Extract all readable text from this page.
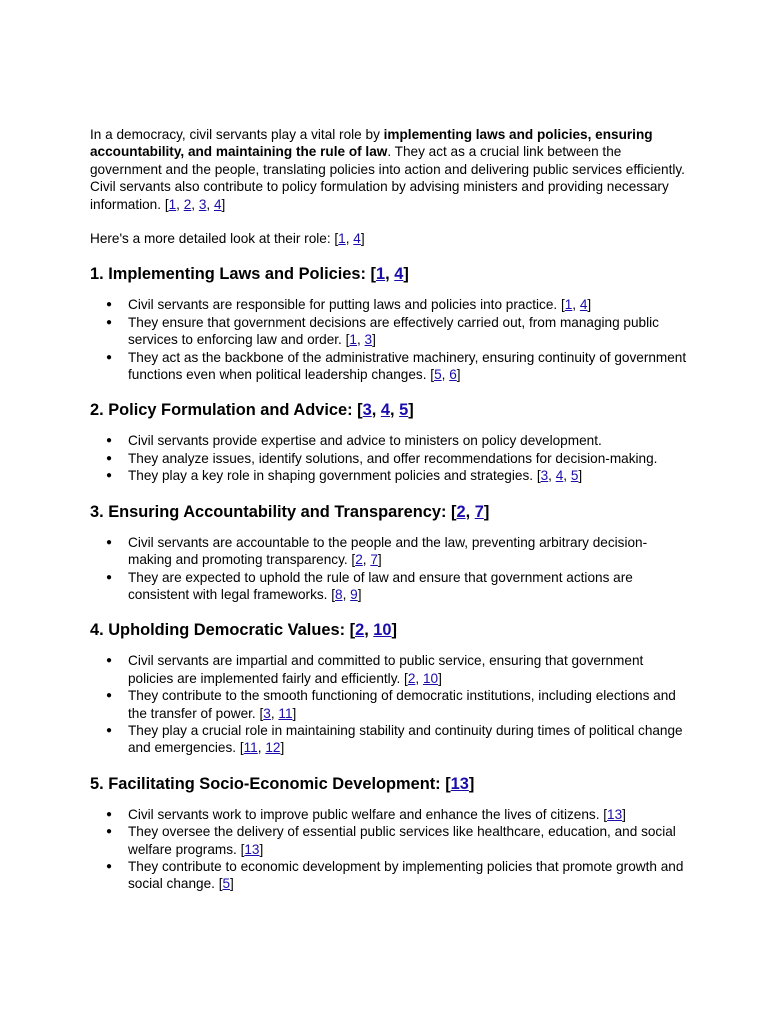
In a democracy, civil servants play a vital role by implementing laws and policies, ensuring accountability, and maintaining the rule of law. They act as a crucial link between the government and the people, translating policies into action and delivering public services efficiently. Civil servants also contribute to policy formulation by advising ministers and providing necessary information. [1, 2, 3, 4]

Here's a more detailed look at their role: [1, 4]

1. Implementing Laws and Policies: [1, 4]
● Civil servants are responsible for putting laws and policies into practice. [1, 4]
● They ensure that government decisions are effectively carried out, from managing public services to enforcing law and order. [1, 3]
● They act as the backbone of the administrative machinery, ensuring continuity of government functions even when political leadership changes. [5, 6]
2. Policy Formulation and Advice: [3, 4, 5]
● Civil servants provide expertise and advice to ministers on policy development.
● They analyze issues, identify solutions, and offer recommendations for decision-making.
● They play a key role in shaping government policies and strategies. [3, 4, 5]
3. Ensuring Accountability and Transparency: [2, 7]
● Civil servants are accountable to the people and the law, preventing arbitrary decision-making and promoting transparency. [2, 7]
● They are expected to uphold the rule of law and ensure that government actions are consistent with legal frameworks. [8, 9]
4. Upholding Democratic Values: [2, 10]
● Civil servants are impartial and committed to public service, ensuring that government policies are implemented fairly and efficiently. [2, 10]
● They contribute to the smooth functioning of democratic institutions, including elections and the transfer of power. [3, 11]
● They play a crucial role in maintaining stability and continuity during times of political change and emergencies. [11, 12]
5. Facilitating Socio-Economic Development: [13]
● Civil servants work to improve public welfare and enhance the lives of citizens. [13]
● They oversee the delivery of essential public services like healthcare, education, and social welfare programs. [13]
● They contribute to economic development by implementing policies that promote growth and social change. [5]
